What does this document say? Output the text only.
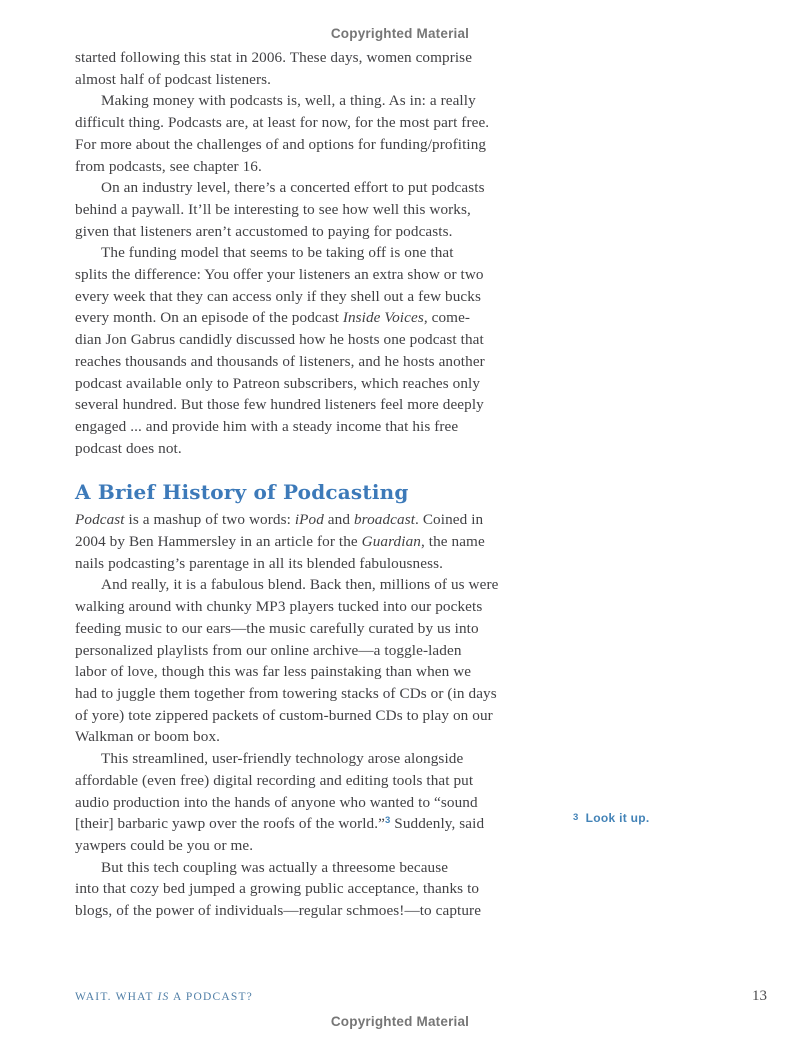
Copyrighted Material

started following this stat in 2006. These days, women comprise
almost half of podcast listeners.

Making money with podcasts is, well, a thing. As in: a really
difficult thing. Podcasts are, at least for now, for the most part free.
For more about the challenges of and options for funding/profiting
from podcasts, see chapter 16.

On an industry level, there’s a concerted effort to put podcasts
behind a paywall. It’ll be interesting to see how well this works,
given that listeners aren’t accustomed to paying for podcasts.

The funding model that seems to be taking off is one that
splits the difference: You offer your listeners an extra show or two
every week that they can access only if they shell out a few bucks
every month. On an episode of the podcast Inside Voices, come-
dian Jon Gabrus candidly discussed how he hosts one podcast that
reaches thousands and thousands of listeners, and he hosts another
podcast available only to Patreon subscribers, which reaches only
several hundred. But those few hundred listeners feel more deeply
engaged ... and provide him with a steady income that his free
podcast does not.

A Brief History of Podcasting

Podcast is a mashup of two words: iPod and broadcast. Coined in
2004 by Ben Hammersley in an article for the Guardian, the name
nails podcasting’s parentage in all its blended fabulousness.

And really, it is a fabulous blend. Back then, millions of us were
walking around with chunky MP3 players tucked into our pockets
feeding music to our ears—the music carefully curated by us into
personalized playlists from our online archive—a toggle-laden
labor of love, though this was far less painstaking than when we
had to juggle them together from towering stacks of CDs or (in days
of yore) tote zippered packets of custom-burned CDs to play on our
Walkman or boom box.

This streamlined, user-friendly technology arose alongside
affordable (even free) digital recording and editing tools that put
audio production into the hands of anyone who wanted to “sound
[their] barbaric yawp over the roofs of the world.”$^3$ Suddenly, said
yawpers could be you or me.

But this tech coupling was actually a threesome because
into that cozy bed jumped a growing public acceptance, thanks to
blogs, of the power of individuals—regular schmoes!—to capture

3 Look it up.
WAIT. WHAT IS A PODCAST?	13
Copyrighted Material
